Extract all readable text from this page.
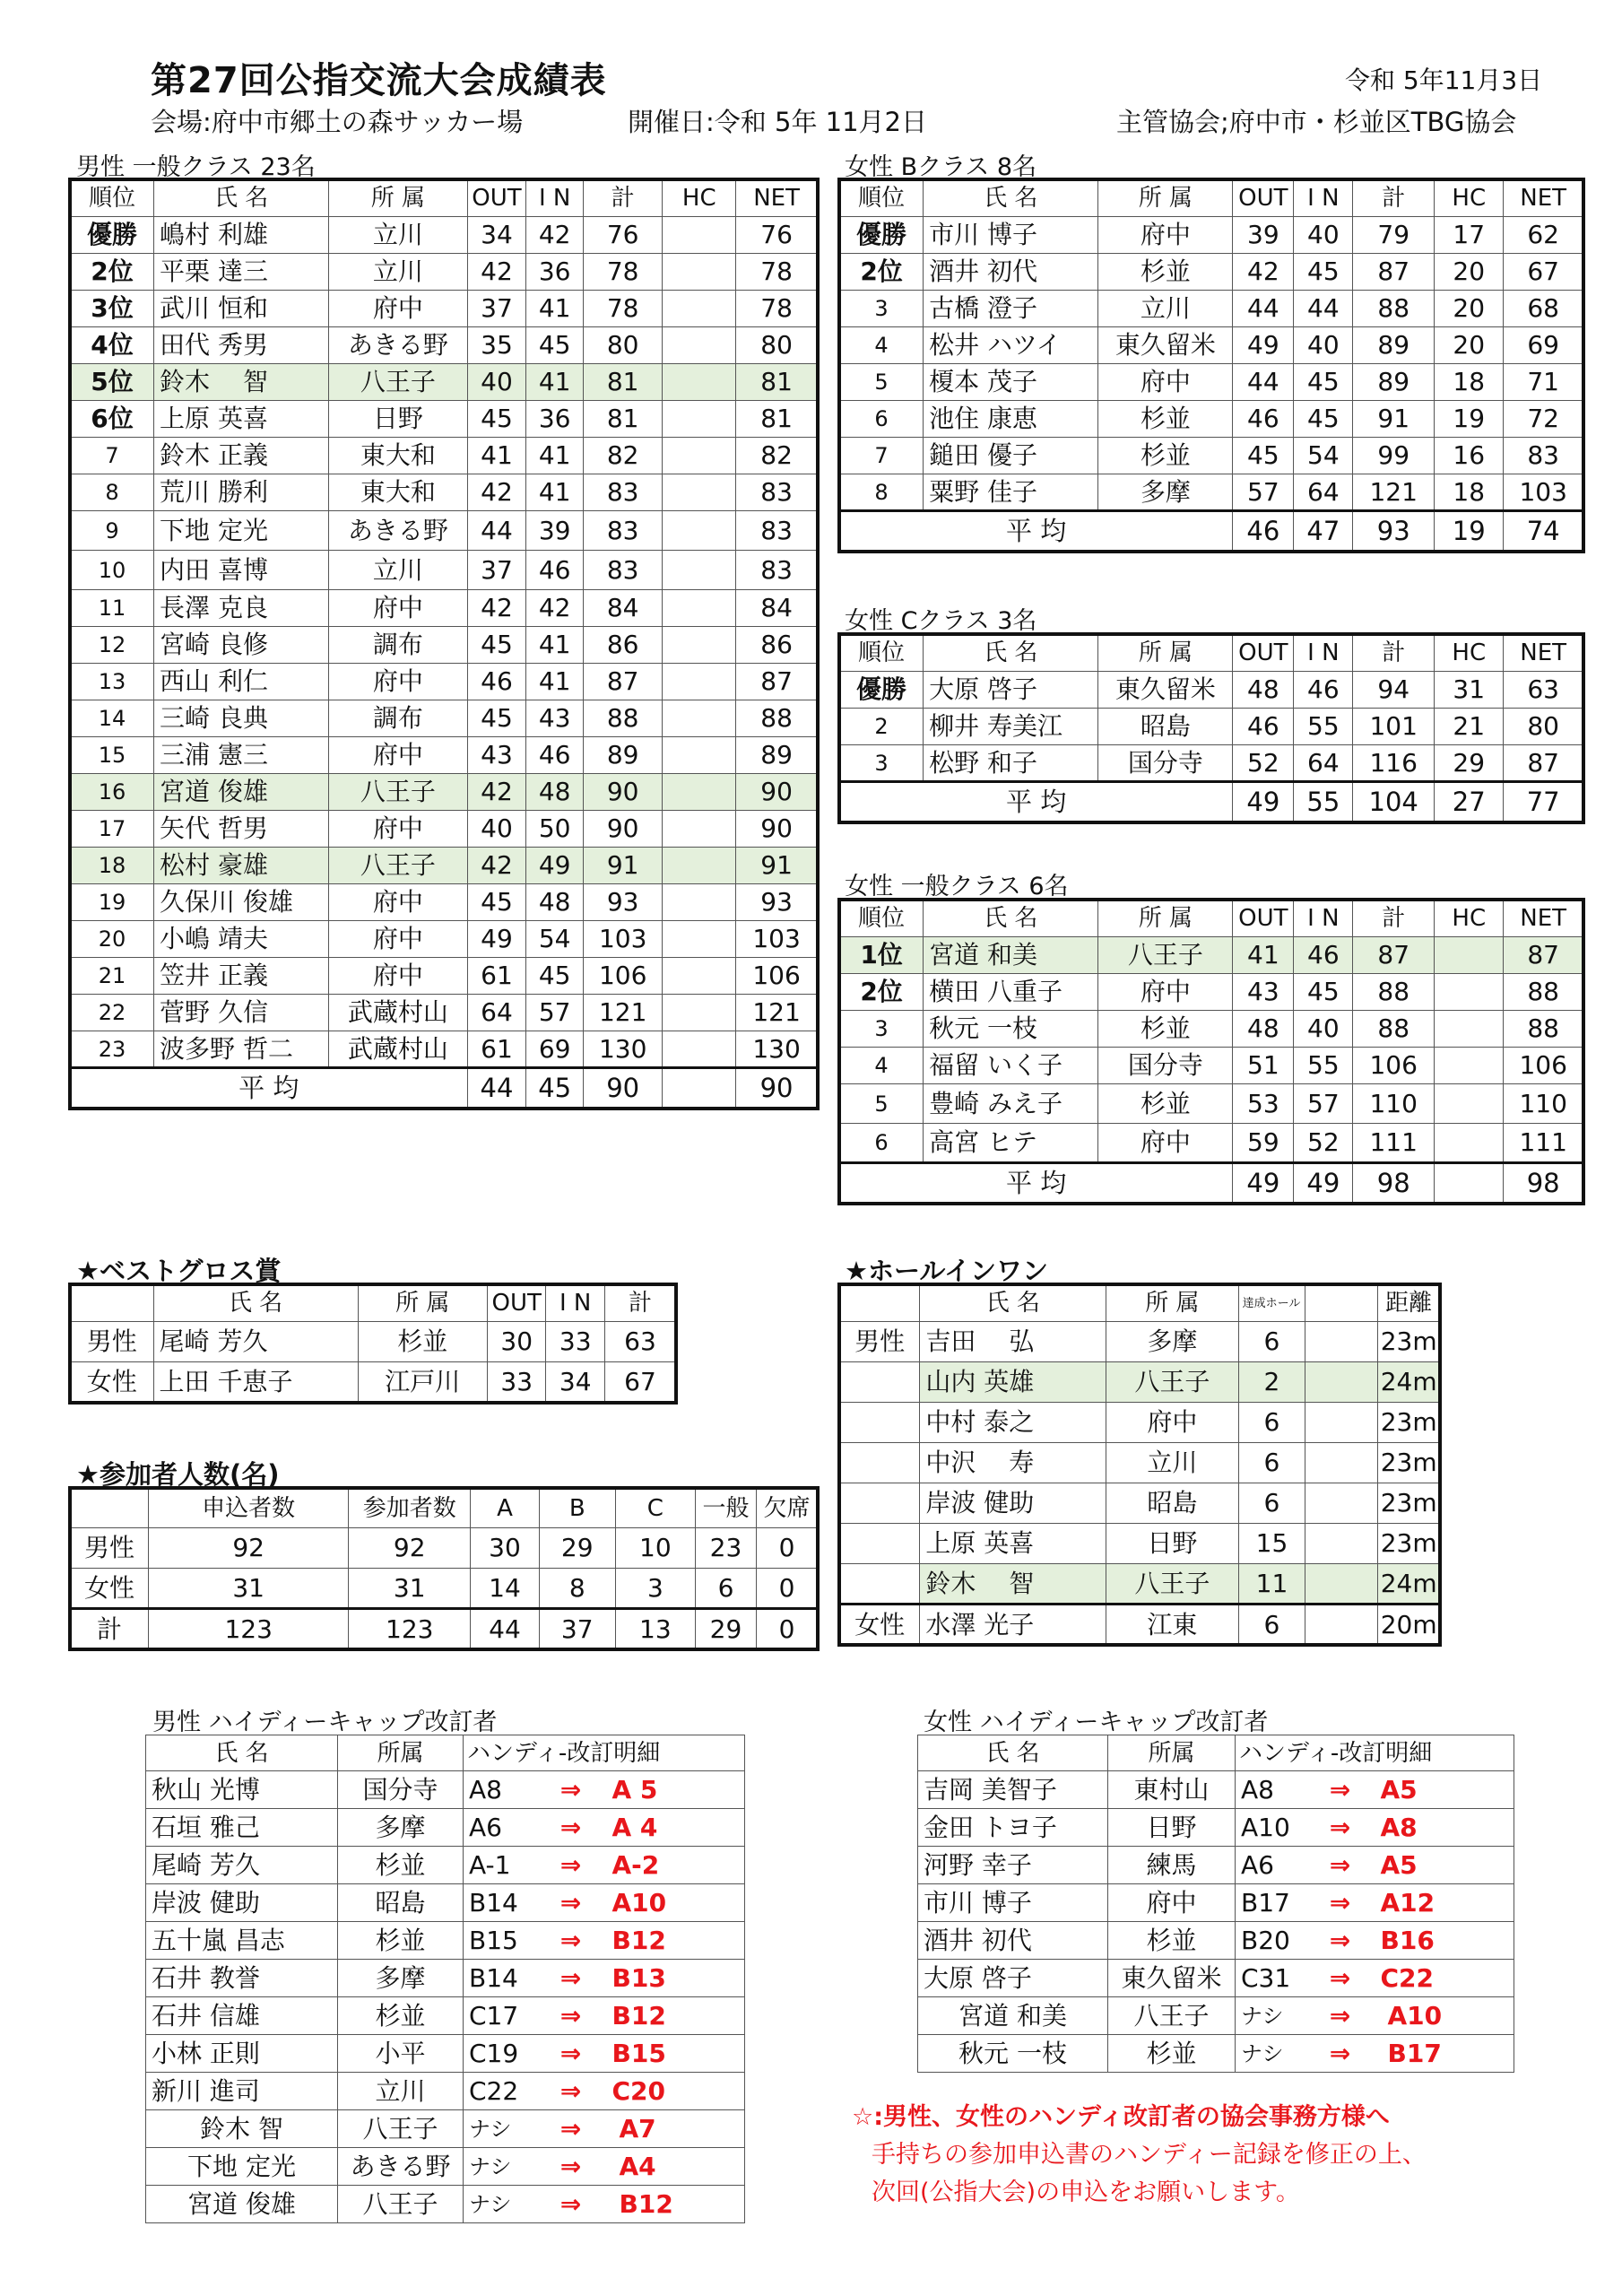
第27回公指交流大会成績表	令和 5年11月3日
会場:府中市郷土の森サッカー場	開催日:令和 5年 11月2日	主管協会;府中市・杉並区TBG協会
男性 一般クラス 23名
順位	氏 名	所 属	OUT	I N	計	HC	NET
優勝	嶋村 利雄	立川	34	42	76		76
2位	平栗 達三	立川	42	36	78		78
3位	武川 恒和	府中	37	41	78		78
4位	田代 秀男	あきる野	35	45	80		80
5位	鈴木　 智	八王子	40	41	81		81
6位	上原 英喜	日野	45	36	81		81
7	鈴木 正義	東大和	41	41	82		82
8	荒川 勝利	東大和	42	41	83		83
9	下地 定光	あきる野	44	39	83		83
10	内田 喜博	立川	37	46	83		83
11	長澤 克良	府中	42	42	84		84
12	宮崎 良修	調布	45	41	86		86
13	西山 利仁	府中	46	41	87		87
14	三崎 良典	調布	45	43	88		88
15	三浦 憲三	府中	43	46	89		89
16	宮道 俊雄	八王子	42	48	90		90
17	矢代 哲男	府中	40	50	90		90
18	松村 豪雄	八王子	42	49	91		91
19	久保川 俊雄	府中	45	48	93		93
20	小嶋 靖夫	府中	49	54	103		103
21	笠井 正義	府中	61	45	106		106
22	菅野 久信	武蔵村山	64	57	121		121
23	波多野 哲二	武蔵村山	61	69	130		130
平 均			44	45	90		90
女性 Bクラス 8名
順位	氏 名	所 属	OUT	I N	計	HC	NET
優勝	市川 博子	府中	39	40	79	17	62
2位	酒井 初代	杉並	42	45	87	20	67
3	古橋 澄子	立川	44	44	88	20	68
4	松井 ハツイ	東久留米	49	40	89	20	69
5	榎本 茂子	府中	44	45	89	18	71
6	池住 康恵	杉並	46	45	91	19	72
7	鎚田 優子	杉並	45	54	99	16	83
8	粟野 佳子	多摩	57	64	121	18	103
平 均			46	47	93	19	74
女性 Cクラス 3名
順位	氏 名	所 属	OUT	I N	計	HC	NET
優勝	大原 啓子	東久留米	48	46	94	31	63
2	柳井 寿美江	昭島	46	55	101	21	80
3	松野 和子	国分寺	52	64	116	29	87
平 均			49	55	104	27	77
女性 一般クラス 6名
順位	氏 名	所 属	OUT	I N	計	HC	NET
1位	宮道 和美	八王子	41	46	87		87
2位	横田 八重子	府中	43	45	88		88
3	秋元 一枝	杉並	48	40	88		88
4	福留 いく子	国分寺	51	55	106		106
5	豊崎 みえ子	杉並	53	57	110		110
6	高宮 ヒテ	府中	59	52	111		111
平 均			49	49	98		98
★ベストグロス賞
	氏 名	所 属	OUT	I N	計
男性	尾崎 芳久	杉並	30	33	63
女性	上田 千恵子	江戸川	33	34	67
★参加者人数(名)
	申込者数	参加者数	A	B	C	一般	欠席
男性	92	92	30	29	10	23	0
女性	31	31	14	8	3	6	0
計	123	123	44	37	13	29	0
★ホールインワン
	氏 名	所 属	達成ホール		距離
男性	吉田　 弘	多摩	6		23m
	山内 英雄	八王子	2		24m
	中村 泰之	府中	6		23m
	中沢　 寿	立川	6		23m
	岸波 健助	昭島	6		23m
	上原 英喜	日野	15		23m
	鈴木　 智	八王子	11		24m
女性	水澤 光子	江東	6		20m
男性 ハイディーキャップ改訂者
氏 名	所属	ハンディ-改訂明細		
秋山 光博	国分寺	A8	⇒	A 5
石垣 雅己	多摩	A6	⇒	A 4
尾崎 芳久	杉並	A-1	⇒	A-2
岸波 健助	昭島	B14	⇒	A10
五十嵐 昌志	杉並	B15	⇒	B12
石井 教誉	多摩	B14	⇒	B13
石井 信雄	杉並	C17	⇒	B12
小林 正則	小平	C19	⇒	B15
新川 進司	立川	C22	⇒	C20
鈴木 智	八王子	ナシ	⇒	A7
下地 定光	あきる野	ナシ	⇒	A4
宮道 俊雄	八王子	ナシ	⇒	B12
女性 ハイディーキャップ改訂者
氏 名	所属	ハンディ-改訂明細		
吉岡 美智子	東村山	A8	⇒	A5
金田 トヨ子	日野	A10	⇒	A8
河野 幸子	練馬	A6	⇒	A5
市川 博子	府中	B17	⇒	A12
酒井 初代	杉並	B20	⇒	B16
大原 啓子	東久留米	C31	⇒	C22
宮道 和美	八王子	ナシ	⇒	A10
秋元 一枝	杉並	ナシ	⇒	B17
☆:男性、女性のハンディ改訂者の協会事務方様へ
手持ちの参加申込書のハンディー記録を修正の上、
次回(公指大会)の申込をお願いします。
